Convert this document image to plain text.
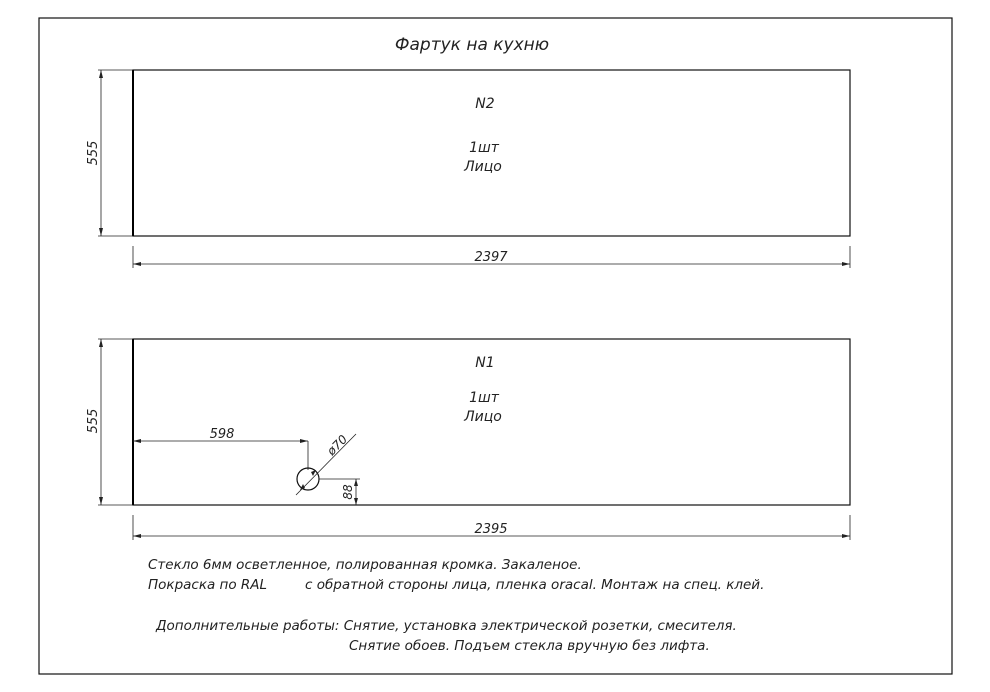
Фартук на кухню
N2
1шт
Лицо
555
2397
N1
1шт
Лицо
555
2395
598	ø70
88
Стекло 6мм осветленное, полированная кромка. Закаленое.
Покраска по RAL	с обратной стороны лица, пленка oracal. Монтаж на спец. клей.
Дополнительные работы: Снятие, установка электрической розетки, смесителя.
Снятие обоев. Подъем стекла вручную без лифта.
